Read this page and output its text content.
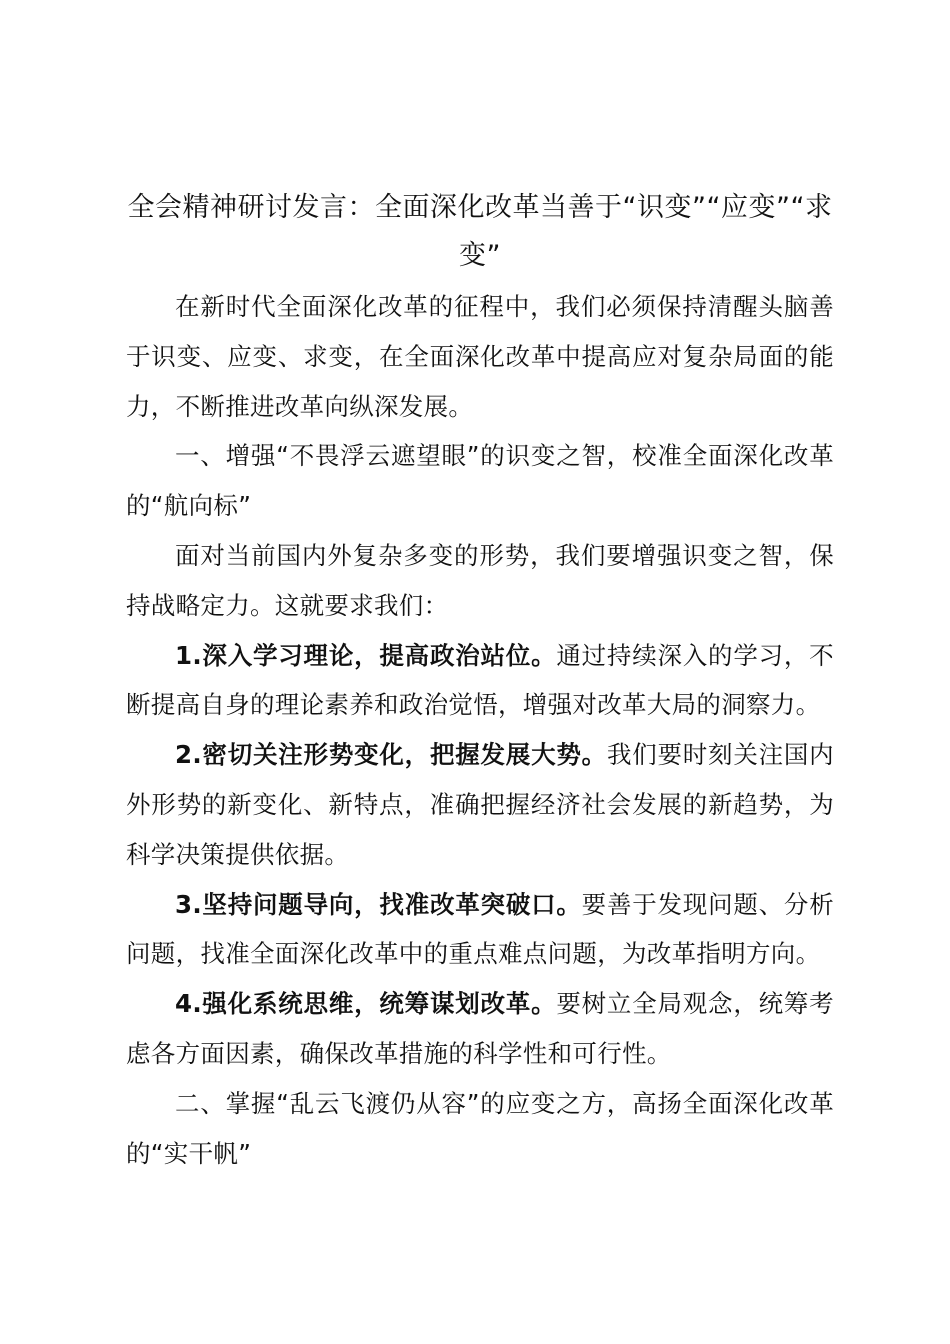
全会精神研讨发言：全面深化改革当善于“识变”“应变”“求变”

在新时代全面深化改革的征程中，我们必须保持清醒头脑善于识变、应变、求变，在全面深化改革中提高应对复杂局面的能力，不断推进改革向纵深发展。

一、增强“不畏浮云遮望眼”的识变之智，校准全面深化改革的“航向标”

面对当前国内外复杂多变的形势，我们要增强识变之智，保持战略定力。这就要求我们：

1.深入学习理论，提高政治站位。通过持续深入的学习，不断提高自身的理论素养和政治觉悟，增强对改革大局的洞察力。

2.密切关注形势变化，把握发展大势。我们要时刻关注国内外形势的新变化、新特点，准确把握经济社会发展的新趋势，为科学决策提供依据。

3.坚持问题导向，找准改革突破口。要善于发现问题、分析问题，找准全面深化改革中的重点难点问题，为改革指明方向。

4.强化系统思维，统筹谋划改革。要树立全局观念，统筹考虑各方面因素，确保改革措施的科学性和可行性。

二、掌握“乱云飞渡仍从容”的应变之方，高扬全面深化改革的“实干帆”
